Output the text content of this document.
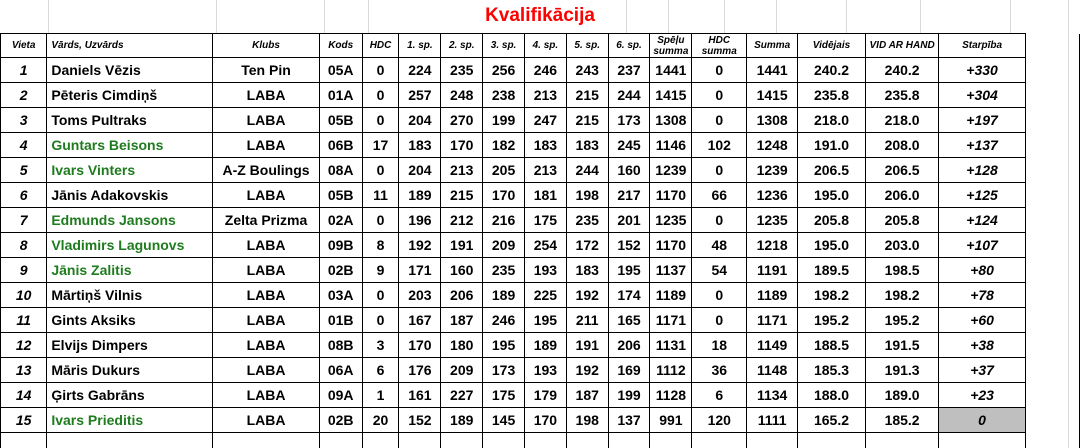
Kvalifikācija
Vieta	Vārds, Uzvārds	Klubs	Kods	HDC	1. sp.	2. sp.	3. sp.	4. sp.	5. sp.	6. sp.	Spēļu summa	HDC summa	Summa	Vidējais	VID AR HAND	Starpība	
1	Daniels Vēzis	Ten Pin	05A	0	224	235	256	246	243	237	1441	0	1441	240.2	240.2	+330	
2	Pēteris Cimdiņš	LABA	01A	0	257	248	238	213	215	244	1415	0	1415	235.8	235.8	+304	
3	Toms Pultraks	LABA	05B	0	204	270	199	247	215	173	1308	0	1308	218.0	218.0	+197	
4	Guntars Beisons	LABA	06B	17	183	170	182	183	183	245	1146	102	1248	191.0	208.0	+137	
5	Ivars Vinters	A-Z Boulings	08A	0	204	213	205	213	244	160	1239	0	1239	206.5	206.5	+128	
6	Jānis Adakovskis	LABA	05B	11	189	215	170	181	198	217	1170	66	1236	195.0	206.0	+125	
7	Edmunds Jansons	Zelta Prizma	02A	0	196	212	216	175	235	201	1235	0	1235	205.8	205.8	+124	
8	Vladimirs Lagunovs	LABA	09B	8	192	191	209	254	172	152	1170	48	1218	195.0	203.0	+107	
9	Jānis Zalitis	LABA	02B	9	171	160	235	193	183	195	1137	54	1191	189.5	198.5	+80	
10	Mārtiņš Vilnis	LABA	03A	0	203	206	189	225	192	174	1189	0	1189	198.2	198.2	+78	
11	Gints Aksiks	LABA	01B	0	167	187	246	195	211	165	1171	0	1171	195.2	195.2	+60	
12	Elvijs Dimpers	LABA	08B	3	170	180	195	189	191	206	1131	18	1149	188.5	191.5	+38	
13	Māris Dukurs	LABA	06A	6	176	209	173	193	192	169	1112	36	1148	185.3	191.3	+37	
14	Ģirts Gabrāns	LABA	09A	1	161	227	175	179	187	199	1128	6	1134	188.0	189.0	+23	
15	Ivars Prieditis	LABA	02B	20	152	189	145	170	198	137	991	120	1111	165.2	185.2	0	
